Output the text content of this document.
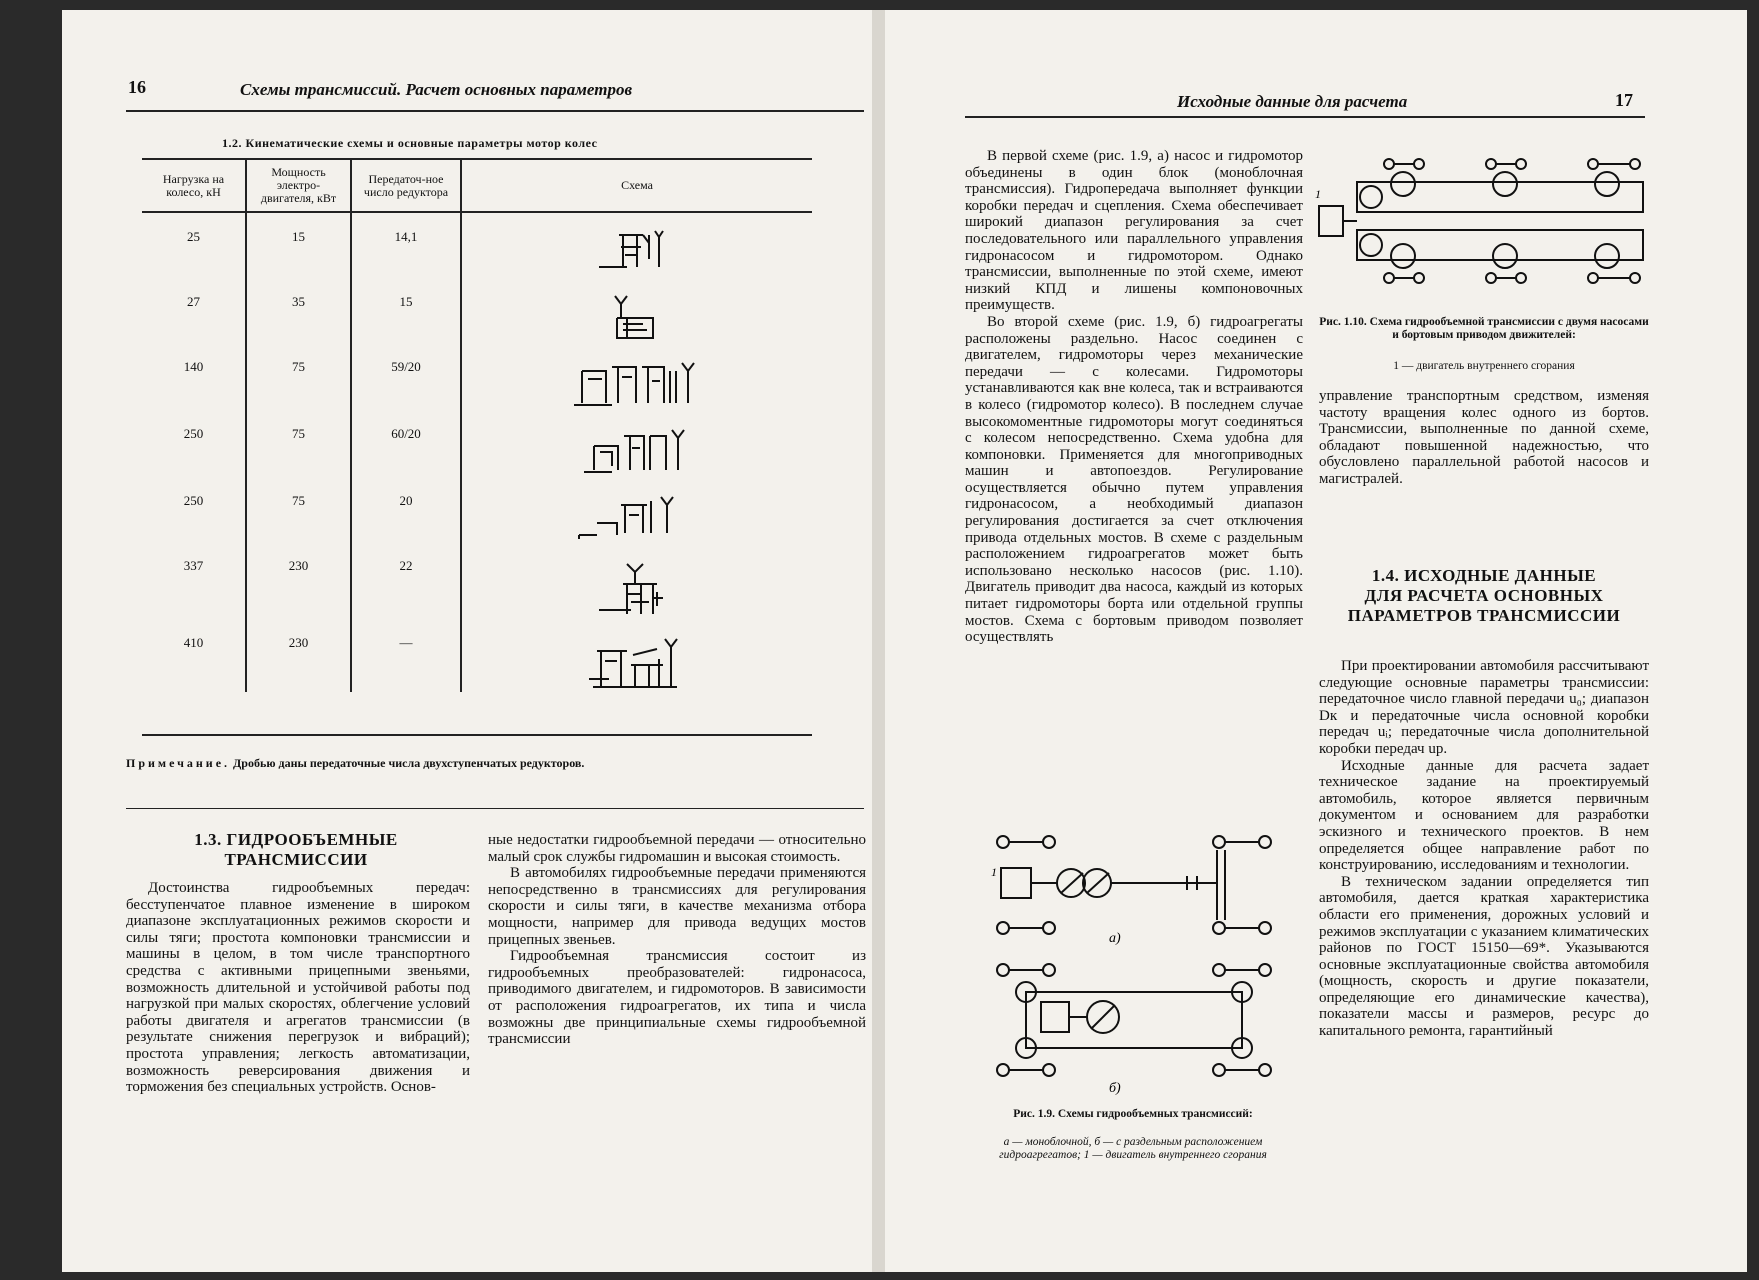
16	Схемы трансмиссий. Расчет основных параметров
1.2. Кинематические схемы и основные параметры мотор колес
Нагрузка на колесо, кН	Мощность электро-двигателя, кВт	Передаточ-ное число редуктора	Схема
25	15	14,1	

27	35	15	

140	75	59/20	

250	75	60/20	

250	75	20	

337	230	22	

410	230	—	
Примечание. Дробью даны передаточные числа двухступенчатых редукторов.
1.3. ГИДРООБЪЕМНЫЕ
ТРАНСМИССИИ

Достоинства гидрообъемных передач: бесступенчатое плавное изменение в широком диапазоне эксплуатационных режимов скорости и силы тяги; простота компоновки трансмиссии и машины в целом, в том числе транспортного средства с активными прицепными звеньями, возможность длительной и устойчивой работы под нагрузкой при малых скоростях, облегчение условий работы двигателя и агрегатов трансмиссии (в результате снижения перегрузок и вибраций); простота управления; легкость автоматизации, возможность реверсирования движения и торможения без специальных устройств. Основ-

ные недостатки гидрообъемной передачи — относительно малый срок службы гидромашин и высокая стоимость.

В автомобилях гидрообъемные передачи применяются непосредственно в трансмиссиях для регулирования скорости и силы тяги, в качестве механизма отбора мощности, например для привода ведущих мостов прицепных звеньев.

Гидрообъемная трансмиссия состоит из гидрообъемных преобразователей: гидронасоса, приводимого двигателем, и гидромоторов. В зависимости от расположения гидроагрегатов, их типа и числа возможны две принципиальные схемы гидрообъемной трансмиссии

Исходные данные для расчета	17

В первой схеме (рис. 1.9, а) насос и гидромотор объединены в один блок (моноблочная трансмиссия). Гидропередача выполняет функции коробки передач и сцепления. Схема обеспечивает широкий диапазон регулирования за счет последовательного или параллельного управления гидронасосом и гидромотором. Однако трансмиссии, выполненные по этой схеме, имеют низкий КПД и лишены компоновочных преимуществ.

Во второй схеме (рис. 1.9, б) гидроагрегаты расположены раздельно. Насос соединен с двигателем, гидромоторы через механические передачи — с колесами. Гидромоторы устанавливаются как вне колеса, так и встраиваются в колесо (гидромотор колесо). В последнем случае высокомоментные гидромоторы могут соединяться с колесом непосредственно. Схема удобна для компоновки. Применяется для многоприводных машин и автопоездов. Регулирование осуществляется обычно путем управления гидронасосом, а необходимый диапазон регулирования достигается за счет отключения привода отдельных мостов. В схеме с раздельным расположением гидроагрегатов может быть использовано несколько насосов (рис. 1.10). Двигатель приводит два насоса, каждый из которых питает гидромоторы борта или отдельной группы мостов. Схема с бортовым приводом позволяет осуществлять

1
Рис. 1.10. Схема гидрообъемной трансмиссии с двумя насосами и бортовым приводом движителей:
1 — двигатель внутреннего сгорания

управление транспортным средством, изменяя частоту вращения колес одного из бортов. Трансмиссии, выполненные по данной схеме, обладают повышенной надежностью, что обусловлено параллельной работой насосов и магистралей.

1.4. ИСХОДНЫЕ ДАННЫЕ
ДЛЯ РАСЧЕТА ОСНОВНЫХ
ПАРАМЕТРОВ ТРАНСМИССИИ

При проектировании автомобиля рассчитывают следующие основные параметры трансмиссии: передаточное число главной передачи u₀; диапазон Dк и передаточные числа основной коробки передач uᵢ; передаточные числа дополнительной коробки передач uр.

Исходные данные для расчета задает техническое задание на проектируемый автомобиль, которое является первичным документом и основанием для разработки эскизного и технического проектов. В нем определяется общее направление работ по конструированию, исследованиям и технологии.

В техническом задании определяется тип автомобиля, дается краткая характеристика области его применения, дорожных условий и режимов эксплуатации с указанием климатических районов по ГОСТ 15150—69*. Указываются основные эксплуатационные свойства автомобиля (мощность, скорость и другие показатели, определяющие его динамические качества), показатели массы и размеров, ресурс до капитального ремонта, гарантийный

1
а)
б)
Рис. 1.9. Схемы гидрообъемных трансмиссий:
а — моноблочной, б — с раздельным расположением гидроагрегатов; 1 — двигатель внутреннего сгорания
